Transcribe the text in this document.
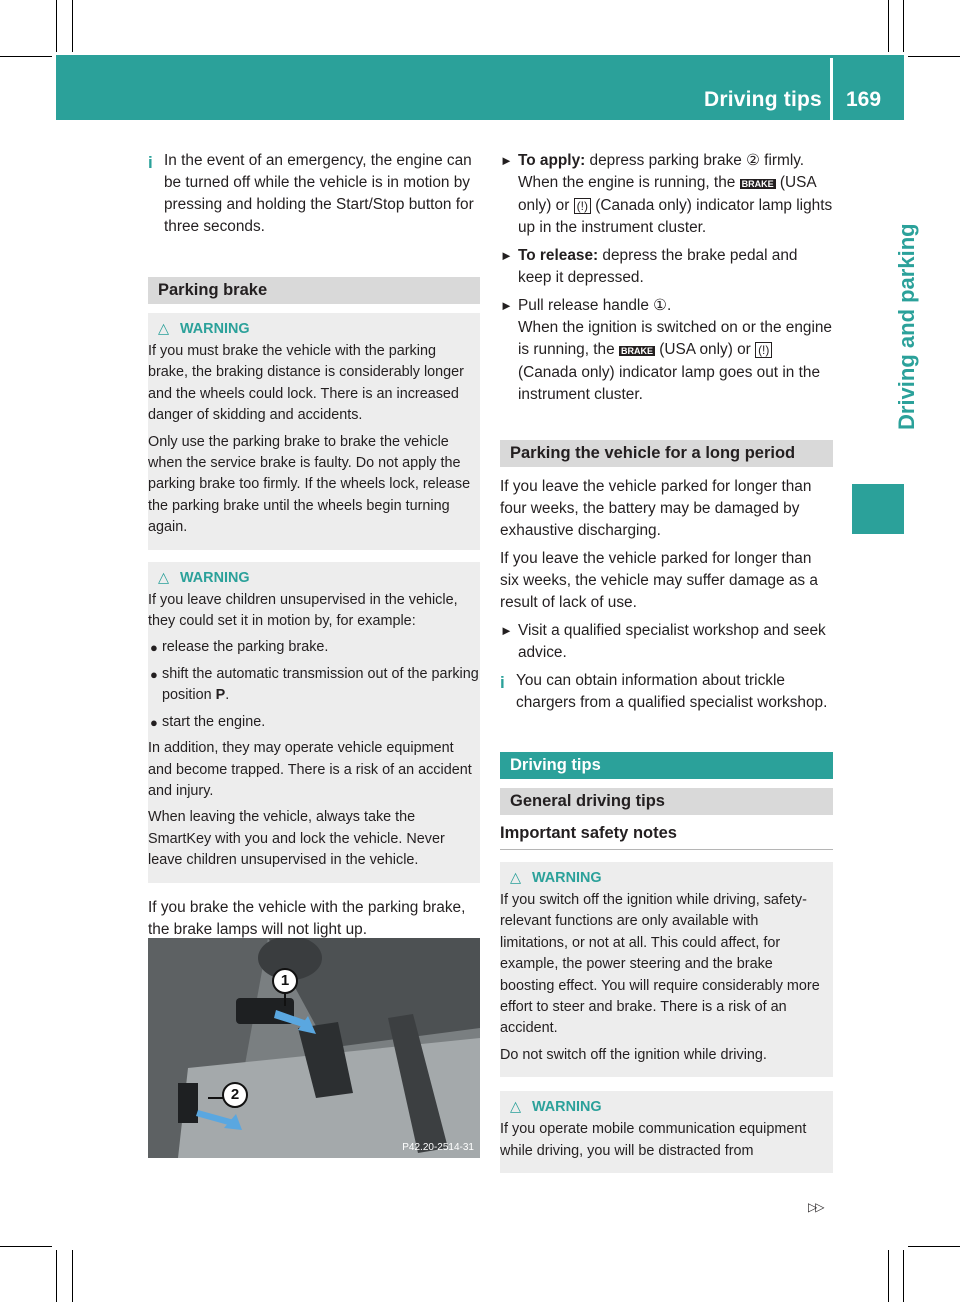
Driving tips 169
Driving and parking
i In the event of an emergency, the engine can be turned off while the vehicle is in motion by pressing and holding the Start/Stop button for three seconds.
Parking brake
△ WARNING
If you must brake the vehicle with the parking brake, the braking distance is considerably longer and the wheels could lock. There is an increased danger of skidding and accidents.
Only use the parking brake to brake the vehicle when the service brake is faulty. Do not apply the parking brake too firmly. If the wheels lock, release the parking brake until the wheels begin turning again.
△ WARNING
If you leave children unsupervised in the vehicle, they could set it in motion by, for example:
● release the parking brake.
● shift the automatic transmission out of the parking position P.
● start the engine.
In addition, they may operate vehicle equipment and become trapped. There is a risk of an accident and injury.
When leaving the vehicle, always take the SmartKey with you and lock the vehicle. Never leave children unsupervised in the vehicle.
If you brake the vehicle with the parking brake, the brake lamps will not light up.
1
2
P42.20-2514-31
► To apply: depress parking brake ② firmly. When the engine is running, the BRAKE (USA only) or (!) (Canada only) indicator lamp lights up in the instrument cluster.
► To release: depress the brake pedal and keep it depressed.
► Pull release handle ①.
When the ignition is switched on or the engine is running, the BRAKE (USA only) or (!) (Canada only) indicator lamp goes out in the instrument cluster.
Parking the vehicle for a long period
If you leave the vehicle parked for longer than four weeks, the battery may be damaged by exhaustive discharging.
If you leave the vehicle parked for longer than six weeks, the vehicle may suffer damage as a result of lack of use.
► Visit a qualified specialist workshop and seek advice.
i You can obtain information about trickle chargers from a qualified specialist workshop.
Driving tips
General driving tips
Important safety notes
△ WARNING
If you switch off the ignition while driving, safety-relevant functions are only available with limitations, or not at all. This could affect, for example, the power steering and the brake boosting effect. You will require considerably more effort to steer and brake. There is a risk of an accident.
Do not switch off the ignition while driving.
△ WARNING
If you operate mobile communication equipment while driving, you will be distracted from
▷▷
